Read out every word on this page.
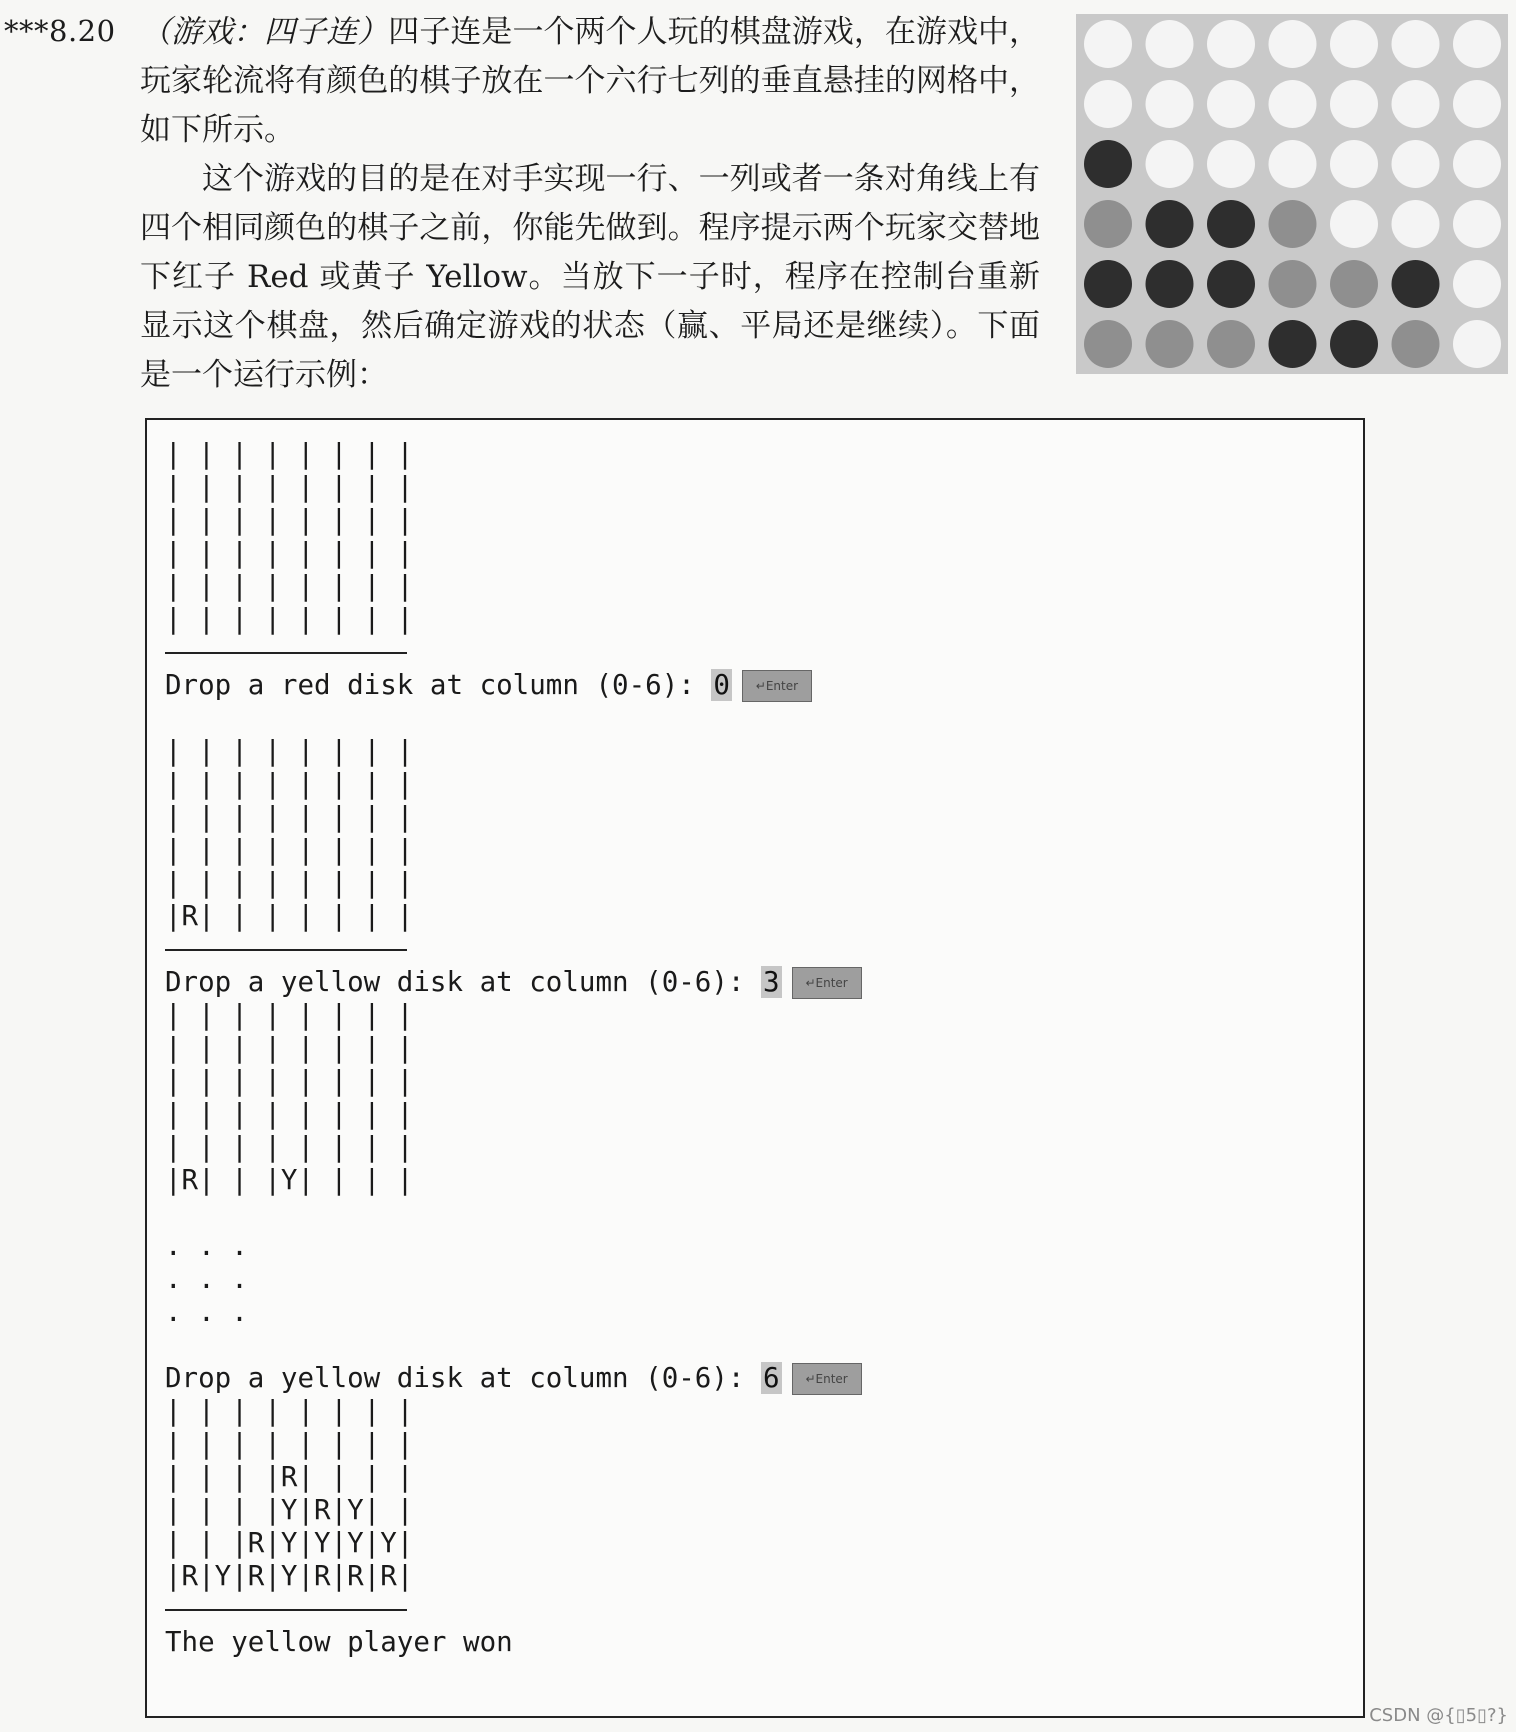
***8.20 （游戏：四子连）四子连是一个两个人玩的棋盘游戏，在游戏中，玩家轮流将有颜色的棋子放在一个六行七列的垂直悬挂的网格中，如下所示。

这个游戏的目的是在对手实现一行、一列或者一条对角线上有四个相同颜色的棋子之前，你能先做到。程序提示两个玩家交替地下红子 Red 或黄子 Yellow。当放下一子时，程序在控制台重新显示这个棋盘，然后确定游戏的状态（赢、平局还是继续）。下面是一个运行示例：

| | | | | | | |
| | | | | | | |
| | | | | | | |
| | | | | | | |
| | | | | | | |
| | | | | | | |

Drop a red disk at column (0-6): 0 ↵Enter

| | | | | | | |
| | | | | | | |
| | | | | | | |
| | | | | | | |
| | | | | | | |
|R| | | | | | |

Drop a yellow disk at column (0-6): 3 ↵Enter
| | | | | | | |
| | | | | | | |
| | | | | | | |
| | | | | | | |
| | | | | | | |
|R| | |Y| | | |

. . .
. . .
. . .

Drop a yellow disk at column (0-6): 6 ↵Enter
| | | | | | | |
| | | | | | | |
| | | |R| | | |
| | | |Y|R|Y| |
| | |R|Y|Y|Y|Y|
|R|Y|R|Y|R|R|R|

The yellow player won
CSDN @{▯5▯?}
